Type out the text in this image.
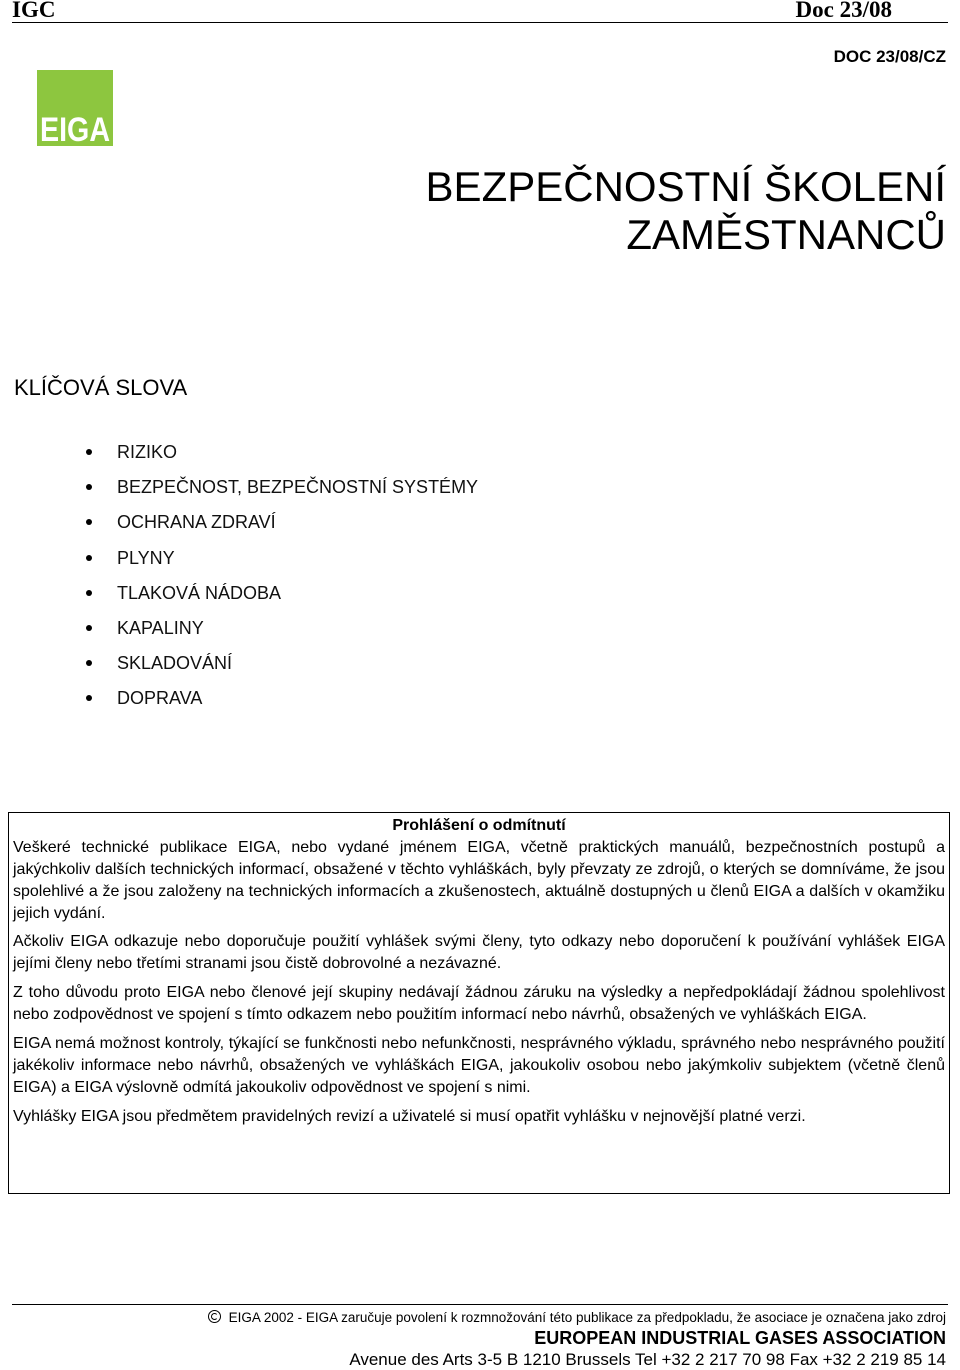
IGC	Doc 23/08
DOC 23/08/CZ
EIGA
BEZPEČNOSTNÍ ŠKOLENÍ
ZAMĚSTNANCŮ
KLÍČOVÁ SLOVA
RIZIKO
BEZPEČNOST, BEZPEČNOSTNÍ SYSTÉMY
OCHRANA ZDRAVÍ
PLYNY
TLAKOVÁ NÁDOBA
KAPALINY
SKLADOVÁNÍ
DOPRAVA

Prohlášení o odmítnutí

Veškeré technické publikace EIGA, nebo vydané jménem EIGA, včetně praktických manuálů, bezpečnostních postupů a jakýchkoliv dalších technických informací, obsažené v těchto vyhláškách, byly převzaty ze zdrojů, o kterých se domníváme, že jsou spolehlivé a že jsou založeny na technických informacích a zkušenostech, aktuálně dostupných u členů EIGA a dalších v okamžiku jejich vydání.

Ačkoliv EIGA odkazuje nebo doporučuje použití vyhlášek svými členy, tyto odkazy nebo doporučení k používání vyhlášek EIGA jejími členy nebo třetími stranami jsou čistě dobrovolné a nezávazné.

Z toho důvodu proto EIGA nebo členové její skupiny nedávají žádnou záruku na výsledky a nepředpokládají žádnou spolehlivost nebo zodpovědnost ve spojení s tímto odkazem nebo použitím informací nebo návrhů, obsažených ve vyhláškách EIGA.

EIGA nemá možnost kontroly, týkající se funkčnosti nebo nefunkčnosti, nesprávného výkladu, správného nebo nesprávného použití jakékoliv informace nebo návrhů, obsažených ve vyhláškách EIGA, jakoukoliv osobou nebo jakýmkoliv subjektem (včetně členů EIGA) a EIGA výslovně odmítá jakoukoliv odpovědnost ve spojení s nimi.

Vyhlášky EIGA jsou předmětem pravidelných revizí a uživatelé si musí opatřit vyhlášku v nejnovější platné verzi.

EIGA 2002 - EIGA zaručuje povolení k rozmnožování této publikace za předpokladu, že asociace je označena jako zdroj
EUROPEAN INDUSTRIAL GASES ASSOCIATION
Avenue des Arts 3-5 B 1210 Brussels Tel +32 2 217 70 98 Fax +32 2 219 85 14
